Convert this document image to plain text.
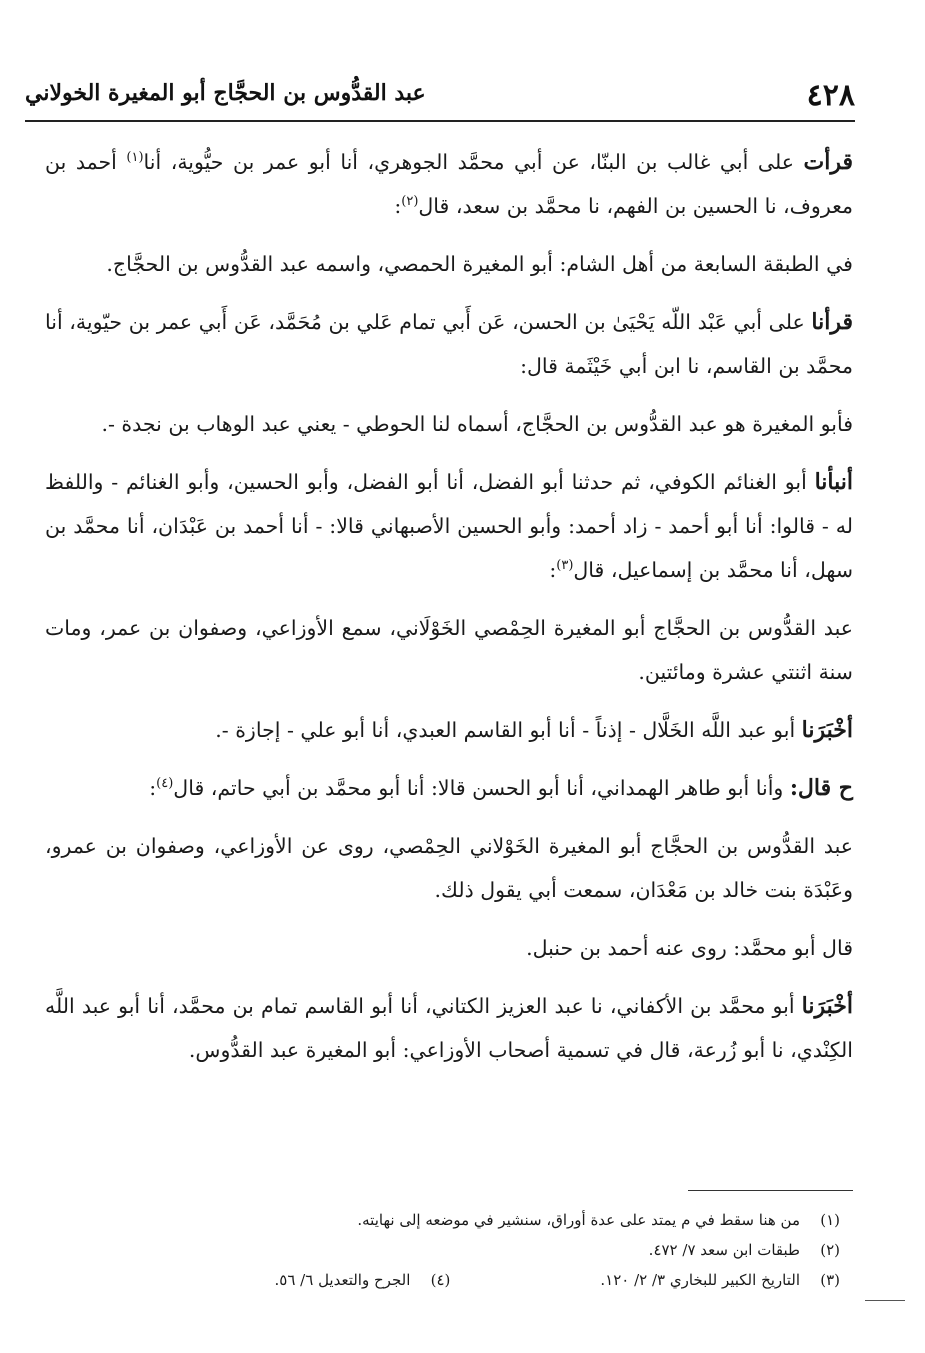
٤٢٨
عبد القدُّوس بن الحجَّاج أبو المغيرة الخولاني

قرأت على أبي غالب بن البنّا، عن أبي محمَّد الجوهري، أنا أبو عمر بن حيُّوية، أنا$^{(١)}$ أحمد بن معروف، نا الحسين بن الفهم، نا محمَّد بن سعد، قال$^{(٢)}$:

في الطبقة السابعة من أهل الشام: أبو المغيرة الحمصي، واسمه عبد القدُّوس بن الحجَّاج.

قرأنا على أبي عَبْد اللّه يَحْيَىٰ بن الحسن، عَن أَبي تمام عَلي بن مُحَمَّد، عَن أَبي عمر بن حيّوية، أنا محمَّد بن القاسم، نا ابن أبي خَيْثَمة قال:

فأبو المغيرة هو عبد القدُّوس بن الحجَّاج، أسماه لنا الحوطي - يعني عبد الوهاب بن نجدة -.

أنبأنا أبو الغنائم الكوفي، ثم حدثنا أبو الفضل، أنا أبو الفضل، وأبو الحسين، وأبو الغنائم - واللفظ له - قالوا: أنا أبو أحمد - زاد أحمد: وأبو الحسين الأصبهاني قالا: - أنا أحمد بن عَبْدَان، أنا محمَّد بن سهل، أنا محمَّد بن إسماعيل، قال$^{(٣)}$:

عبد القدُّوس بن الحجَّاج أبو المغيرة الحِمْصي الخَوْلَاني، سمع الأوزاعي، وصفوان بن عمر، ومات سنة اثنتي عشرة ومائتين.

أخْبَرَنا أبو عبد اللَّه الخَلَّال - إذناً - أنا أبو القاسم العبدي، أنا أبو علي - إجازة -.

ح قال: وأنا أبو طاهر الهمداني، أنا أبو الحسن قالا: أنا أبو محمَّد بن أبي حاتم، قال$^{(٤)}$:

عبد القدُّوس بن الحجَّاج أبو المغيرة الخَوْلاني الحِمْصي، روى عن الأوزاعي، وصفوان بن عمرو، وعَبْدَة بنت خالد بن مَعْدَان، سمعت أبي يقول ذلك.

قال أبو محمَّد: روى عنه أحمد بن حنبل.

أخْبَرَنا أبو محمَّد بن الأكفاني، نا عبد العزيز الكتاني، أنا أبو القاسم تمام بن محمَّد، أنا أبو عبد اللَّه الكِنْدي، نا أبو زُرعة، قال في تسمية أصحاب الأوزاعي: أبو المغيرة عبد القدُّوس.

(١)من هنا سقط في م يمتد على عدة أوراق، سنشير في موضعه إلى نهايته.
(٢)طبقات ابن سعد ٧/ ٤٧٢.
(٣)التاريخ الكبير للبخاري ٣/ ٢/ ١٢٠.
(٤)الجرح والتعديل ٦/ ٥٦.
